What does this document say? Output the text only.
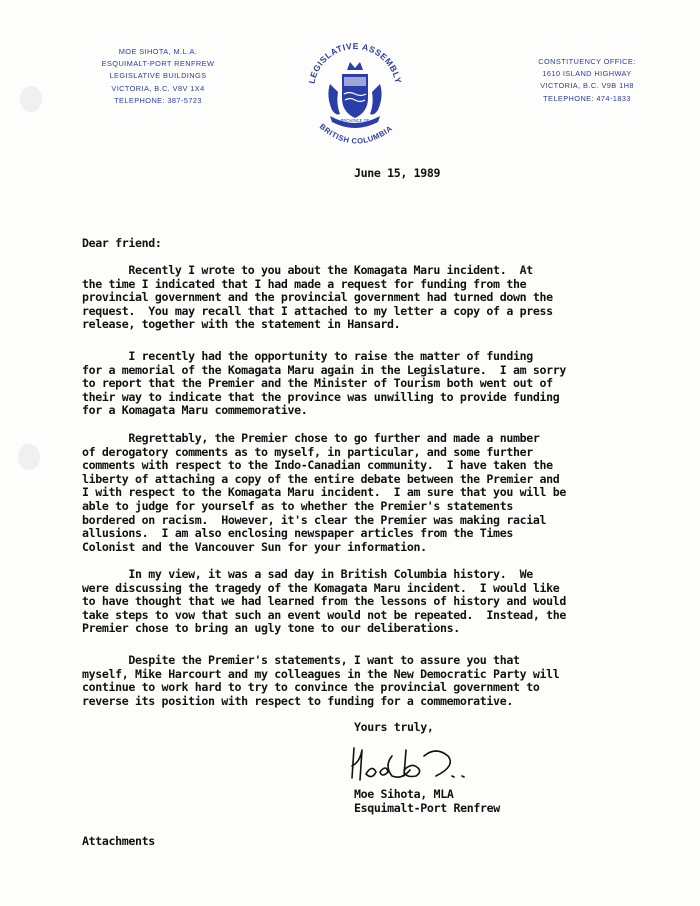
MOE SIHOTA, M.L.A.
ESQUIMALT-PORT RENFREW
LEGISLATIVE BUILDINGS
VICTORIA, B.C. V8V 1X4
TELEPHONE: 387-5723
LEGISLATIVE ASSEMBLY
PROVINCE OF
BRITISH COLUMBIA
CONSTITUENCY OFFICE:
1610 ISLAND HIGHWAY
VICTORIA, B.C. V9B 1H8
TELEPHONE: 474-1833
June 15, 1989
Dear friend:
Recently I wrote to you about the Komagata Maru incident.  At
the time I indicated that I had made a request for funding from the
provincial government and the provincial government had turned down the
request.  You may recall that I attached to my letter a copy of a press
release, together with the statement in Hansard.
I recently had the opportunity to raise the matter of funding
for a memorial of the Komagata Maru again in the Legislature.  I am sorry
to report that the Premier and the Minister of Tourism both went out of
their way to indicate that the province was unwilling to provide funding
for a Komagata Maru commemorative.
Regrettably, the Premier chose to go further and made a number
of derogatory comments as to myself, in particular, and some further
comments with respect to the Indo-Canadian community.  I have taken the
liberty of attaching a copy of the entire debate between the Premier and
I with respect to the Komagata Maru incident.  I am sure that you will be
able to judge for yourself as to whether the Premier's statements
bordered on racism.  However, it's clear the Premier was making racial
allusions.  I am also enclosing newspaper articles from the Times
Colonist and the Vancouver Sun for your information.
In my view, it was a sad day in British Columbia history.  We
were discussing the tragedy of the Komagata Maru incident.  I would like
to have thought that we had learned from the lessons of history and would
take steps to vow that such an event would not be repeated.  Instead, the
Premier chose to bring an ugly tone to our deliberations.
Despite the Premier's statements, I want to assure you that
myself, Mike Harcourt and my colleagues in the New Democratic Party will
continue to work hard to try to convince the provincial government to
reverse its position with respect to funding for a commemorative.
Yours truly,
Moe Sihota, MLA
Esquimalt-Port Renfrew
Attachments
